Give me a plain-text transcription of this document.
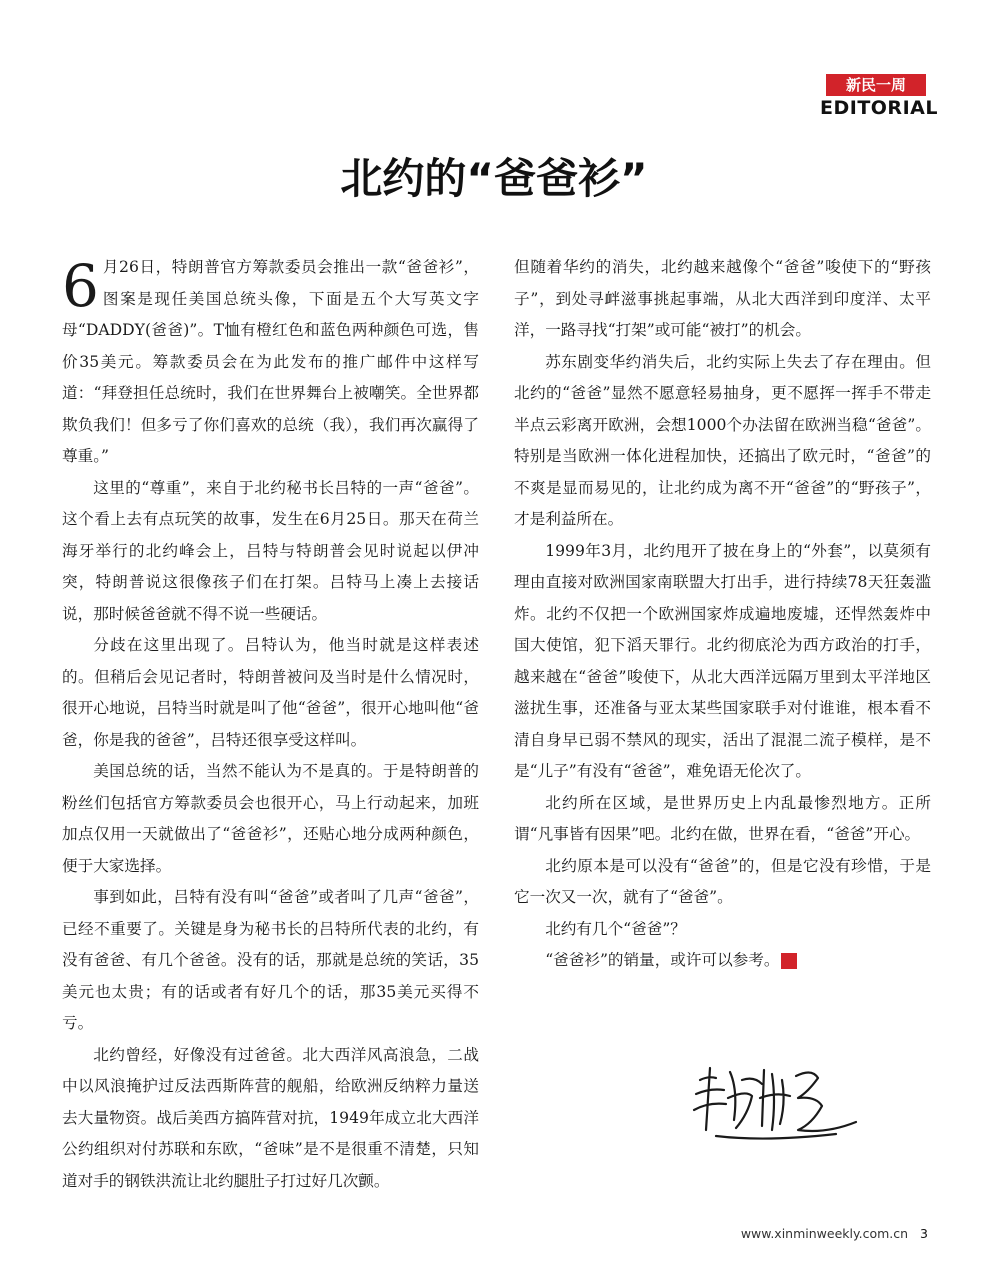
新民一周
EDITORIAL
北约的“爸爸衫”

6 月26日，特朗普官方筹款委员会推出一款“爸爸衫”，图案是现任美国总统头像，下面是五个大写英文字母“DADDY(爸爸)”。T恤有橙红色和蓝色两种颜色可选，售价35美元。筹款委员会在为此发布的推广邮件中这样写道：“拜登担任总统时，我们在世界舞台上被嘲笑。全世界都欺负我们！但多亏了你们喜欢的总统（我），我们再次赢得了尊重。”

这里的“尊重”，来自于北约秘书长吕特的一声“爸爸”。这个看上去有点玩笑的故事，发生在6月25日。那天在荷兰海牙举行的北约峰会上，吕特与特朗普会见时说起以伊冲突，特朗普说这很像孩子们在打架。吕特马上凑上去接话说，那时候爸爸就不得不说一些硬话。

分歧在这里出现了。吕特认为，他当时就是这样表述的。但稍后会见记者时，特朗普被问及当时是什么情况时，很开心地说，吕特当时就是叫了他“爸爸”，很开心地叫他“爸爸，你是我的爸爸”，吕特还很享受这样叫。

美国总统的话，当然不能认为不是真的。于是特朗普的粉丝们包括官方筹款委员会也很开心，马上行动起来，加班加点仅用一天就做出了“爸爸衫”，还贴心地分成两种颜色，便于大家选择。

事到如此，吕特有没有叫“爸爸”或者叫了几声“爸爸”，已经不重要了。关键是身为秘书长的吕特所代表的北约，有没有爸爸、有几个爸爸。没有的话，那就是总统的笑话，35美元也太贵；有的话或者有好几个的话，那35美元买得不亏。

北约曾经，好像没有过爸爸。北大西洋风高浪急，二战中以风浪掩护过反法西斯阵营的舰船，给欧洲反纳粹力量送去大量物资。战后美西方搞阵营对抗，1949年成立北大西洋公约组织对付苏联和东欧，“爸味”是不是很重不清楚，只知道对手的钢铁洪流让北约腿肚子打过好几次颤。

但随着华约的消失，北约越来越像个“爸爸”唆使下的“野孩子”，到处寻衅滋事挑起事端，从北大西洋到印度洋、太平洋，一路寻找“打架”或可能“被打”的机会。

苏东剧变华约消失后，北约实际上失去了存在理由。但北约的“爸爸”显然不愿意轻易抽身，更不愿挥一挥手不带走半点云彩离开欧洲，会想1000个办法留在欧洲当稳“爸爸”。特别是当欧洲一体化进程加快，还搞出了欧元时，“爸爸”的不爽是显而易见的，让北约成为离不开“爸爸”的“野孩子”，才是利益所在。

1999年3月，北约甩开了披在身上的“外套”，以莫须有理由直接对欧洲国家南联盟大打出手，进行持续78天狂轰滥炸。北约不仅把一个欧洲国家炸成遍地废墟，还悍然轰炸中国大使馆，犯下滔天罪行。北约彻底沦为西方政治的打手，越来越在“爸爸”唆使下，从北大西洋远隔万里到太平洋地区滋扰生事，还准备与亚太某些国家联手对付谁谁，根本看不清自身早已弱不禁风的现实，活出了混混二流子模样，是不是“儿子”有没有“爸爸”，难免语无伦次了。

北约所在区域，是世界历史上内乱最惨烈地方。正所谓“凡事皆有因果”吧。北约在做，世界在看，“爸爸”开心。

北约原本是可以没有“爸爸”的，但是它没有珍惜，于是它一次又一次，就有了“爸爸”。

北约有几个“爸爸”？

“爸爸衫”的销量，或许可以参考。	民

www.xinminweekly.com.cn 3
